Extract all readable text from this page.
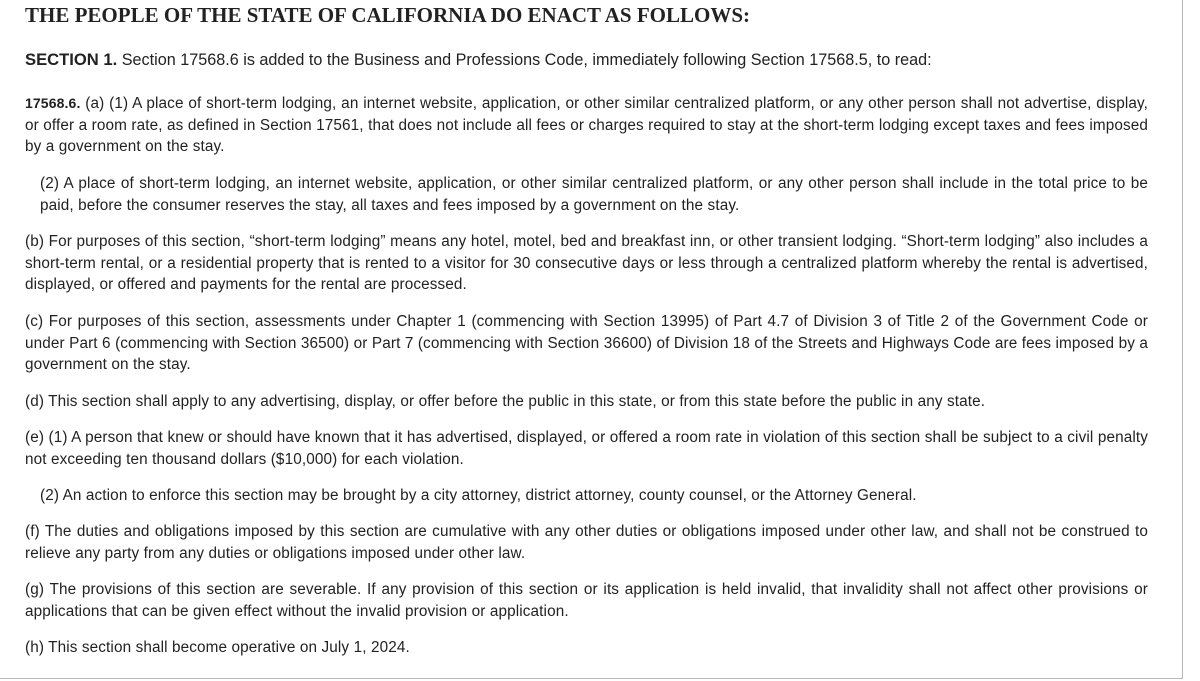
THE PEOPLE OF THE STATE OF CALIFORNIA DO ENACT AS FOLLOWS:
SECTION 1. Section 17568.6 is added to the Business and Professions Code, immediately following Section 17568.5, to read:

17568.6. (a) (1) A place of short-term lodging, an internet website, application, or other similar centralized platform, or any other person shall not advertise, display, or offer a room rate, as defined in Section 17561, that does not include all fees or charges required to stay at the short-term lodging except taxes and fees imposed by a government on the stay.

(2) A place of short-term lodging, an internet website, application, or other similar centralized platform, or any other person shall include in the total price to be paid, before the consumer reserves the stay, all taxes and fees imposed by a government on the stay.

(b) For purposes of this section, “short-term lodging” means any hotel, motel, bed and breakfast inn, or other transient lodging. “Short-term lodging” also includes a short-term rental, or a residential property that is rented to a visitor for 30 consecutive days or less through a centralized platform whereby the rental is advertised, displayed, or offered and payments for the rental are processed.

(c) For purposes of this section, assessments under Chapter 1 (commencing with Section 13995) of Part 4.7 of Division 3 of Title 2 of the Government Code or under Part 6 (commencing with Section 36500) or Part 7 (commencing with Section 36600) of Division 18 of the Streets and Highways Code are fees imposed by a government on the stay.

(d) This section shall apply to any advertising, display, or offer before the public in this state, or from this state before the public in any state.

(e) (1) A person that knew or should have known that it has advertised, displayed, or offered a room rate in violation of this section shall be subject to a civil penalty not exceeding ten thousand dollars ($10,000) for each violation.

(2) An action to enforce this section may be brought by a city attorney, district attorney, county counsel, or the Attorney General.

(f) The duties and obligations imposed by this section are cumulative with any other duties or obligations imposed under other law, and shall not be construed to relieve any party from any duties or obligations imposed under other law.

(g) The provisions of this section are severable. If any provision of this section or its application is held invalid, that invalidity shall not affect other provisions or applications that can be given effect without the invalid provision or application.

(h) This section shall become operative on July 1, 2024.
